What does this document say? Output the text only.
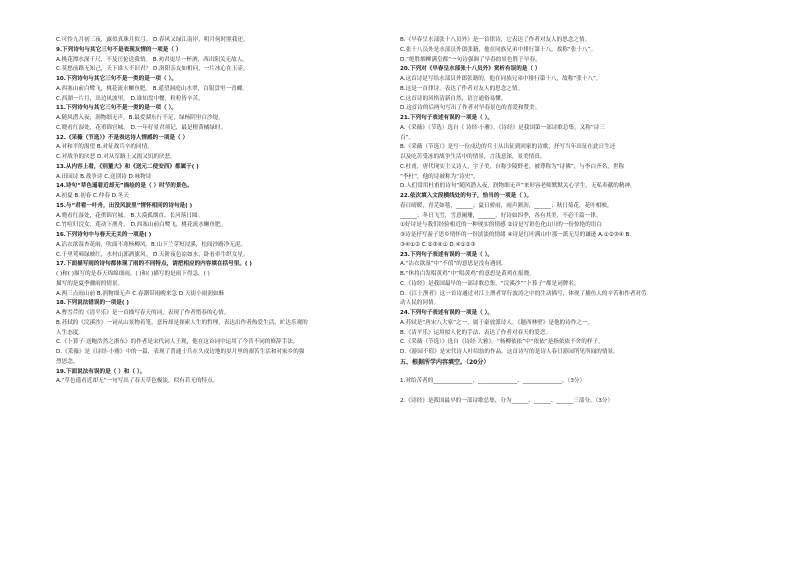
C.可怜九月初三夜，露似真珠月似弓。 D.春风又绿江南岸，明月何时照我还。
9.下列诗句与其它三句不是表现友情的一项是（ ）
A.桃花潭水深千尺，不及汪伦送我情。 B.劝君更尽一杯酒，西出阳关无故人。
C.莫愁前路无知己，天下谁人不识君？ D.洛阳亲友如相问，一片冰心在玉壶。
10.下列诗句与其它三句不是一类的是一项（ ）。
A.西塞山前白鹭飞，桃花流水鳜鱼肥。 B.遥望洞庭山水翠，白银盘里一青螺。
C.西湖一片月，出边风波里。 D.谁知盘中餐，粒粒皆辛苦。
11.下列诗句与其它三句不是一类的是一项（ ）。
A.随风潜入夜，润物细无声。B.最爱湖东行不足，绿杨阴里白沙堤。
C.晓看红湿处，花重锦官城。 D.一年好景君须记，最是橙黄橘绿时。
12.《采薇（节选）》不是表达诗人情感的一项是（ ）
A.对和平的渴望 B.对征战兵卒的同情。
C.对战争的厌恶 D.对从军路上又渴又饥的厌恶。
13.从内容上看，《别董大》和《送元二使安西》都属于( )
A.田园诗 B.战争诗 C.送别诗 D.咏物诗
14.诗句“草色遥看近却无”描绘的是（ ）时节的景色。
A.初夏 B.初春 C.仲春 D.冬天
15.与“君看一叶舟，出没风波里”情怀相同的诗句是( )
A.晓看红湿处，花重锦官城。 B.大漠孤烟直，长河落日圆。
C.竹喧归浣女，莲动下渔舟。 D.西塞山前白鹭飞，桃花流水鳜鱼肥。
16.下列诗句中与春天无关的一项是( )
A.沾衣欲湿杏花雨，吹面不寒杨柳风。B.山下兰芽短浸溪，松间沙路净无泥。
C.千里莺啼绿映红，水村山郭酒旗风。 D.天阶夜色凉如水，卧看牵牛织女星。
17.下面描写雨的诗句都体现了雨的不同特点，请把相应的内容填在括号里。( )
( )和( )描写的是春天绵绵细雨，( )和( )描写的是雨下得急，( )
描写的是夏季骤雨的情景。
A.两三点雨山前 B.润物细无声 C.春潮带雨晚来急 D.天街小雨润如酥
18.下列说法错误的一项是( )
A.曹雪芹的《清平乐》是一首描写春天的词，表现了作者惜春的心情。
B.苏轼的《浣溪沙》一词从山景物着笔，意旨却是探索人生的哲理，表达出作者热爱生活、旷达乐观的
人生态度。
C.《卜算子·送鲍浩然之浙东》的作者是宋代词人王观，他在这首词中运用了今昔不同的修辞手法。
D.《采薇》是《诗经·小雅》中的一篇，表现了普通士兵在久戍边地的岁月里的艰苦生活和对家乡的强
烈思念。
19.下面说法有误的是（ ）和（ ）。
A.“草色遥看近却无”一句写出了春天草色极淡，似有若无的特点。
B.《早春呈水部张十八员外》是一首律诗，它表达了作者对友人的思念之情。
C.张十八员外是水部员外郎张籍，他在同族兄弟中排行第十八，故称“张十八”。
D.“绝胜烟柳满皇都”一句诗强调了早春的景色胜于早春。
20.下列对《早春呈水部张十八员外》赏析有误的是（ ）
A.这首诗是写给水部员外郎张籍的，他在同族兄弟中排行第十八，故称“张十八”。
B.这是一首律诗，表达了作者对友人的思念之情。
C.这首诗的风格清新自然，语言通俗易懂。
D.这首诗的后两句写出了作者对早春景色的喜爱和赞美。
21.下列句子表述有误的一项是（ ）。
A.《采薇》（节选）选自《 诗经·小雅》。《诗经》是我国第一部诗歌总集，又称“诗三
百”。
B.《采薇（节选）》是写一位戍边的兵士从出征到回家的诗歌，抒写当年出征在此日生还
以及吃苦受冻的战争生活中的情景，言浅意深，景美情真。
C.杜甫，唐代现实主义诗人，字子美，自称少陵野老，被尊称为“诗佛”，与李白齐名，世称
“李杜”，他的诗被称为“诗史”。
D.人们常用杜甫的诗句“随风潜入夜，润物细无声”来形容老师默默关心学生，无私奉献的精神。
22.依次填入文段横线处的句子，恰当的一项是（ ）。
春日晴暖，青芜如毯，______；夏日骄雨，雨声淅沥，______；秋日菊花，花叶相映，
______；冬日飞雪，雪意阑珊，______。好诗如四季，各有其美，不必千篇一律。
①好诗是与我们经验相近的一种现实的情感 ②诗是写彩色化山川的一份惊艳的语白
③诗是抒写游子思乡情怀的一份淡淡的情绪 ④诗是红叶满山中那一派无尽的谦逊 A.①②③④ B.
③④①② C.②③④① D.④①②③
23.下列句子表述有误的一项是（ ）。
A.“沾衣欲湿”中“不值”的意思是没有遇到。
B.“休将白发唱黄鸡”中“唱黄鸡”的意思是黄鸡在报晓。
C.《诗经》是我国最早的一部诗歌总集。“浣溪沙”“卜算子”都是词牌名。
D.《江上渔者》这一首诗通过对江上渔者穿行波涛之中的生动描写，体现了捕鱼人的辛苦和作者对劳
动人民的同情。
24.下列句子表述有误的一项是（ ）。
A.苏轼是“唐宋八大家”之一，属于豪放派诗人。《题西林壁》是他的诗作之一。
B.《清平乐》运用拟人化的手法，表达了作者对春天的爱恋。
C.《采薇（节选）》选自《诗经·大雅》。“杨柳依依”中“依依”是指依依不舍的样子。
D.《游园不值》是宋代诗人叶绍翁的作品，这首诗写的是诗人春日游园所见所闻的情景。
五、根据所学内容填空。（20分）
1.对给苦者的______________、______________、______________。（3分）
2.《诗经》是我国最早的一部诗歌总集，分为______、______、______三部分。（3分）
